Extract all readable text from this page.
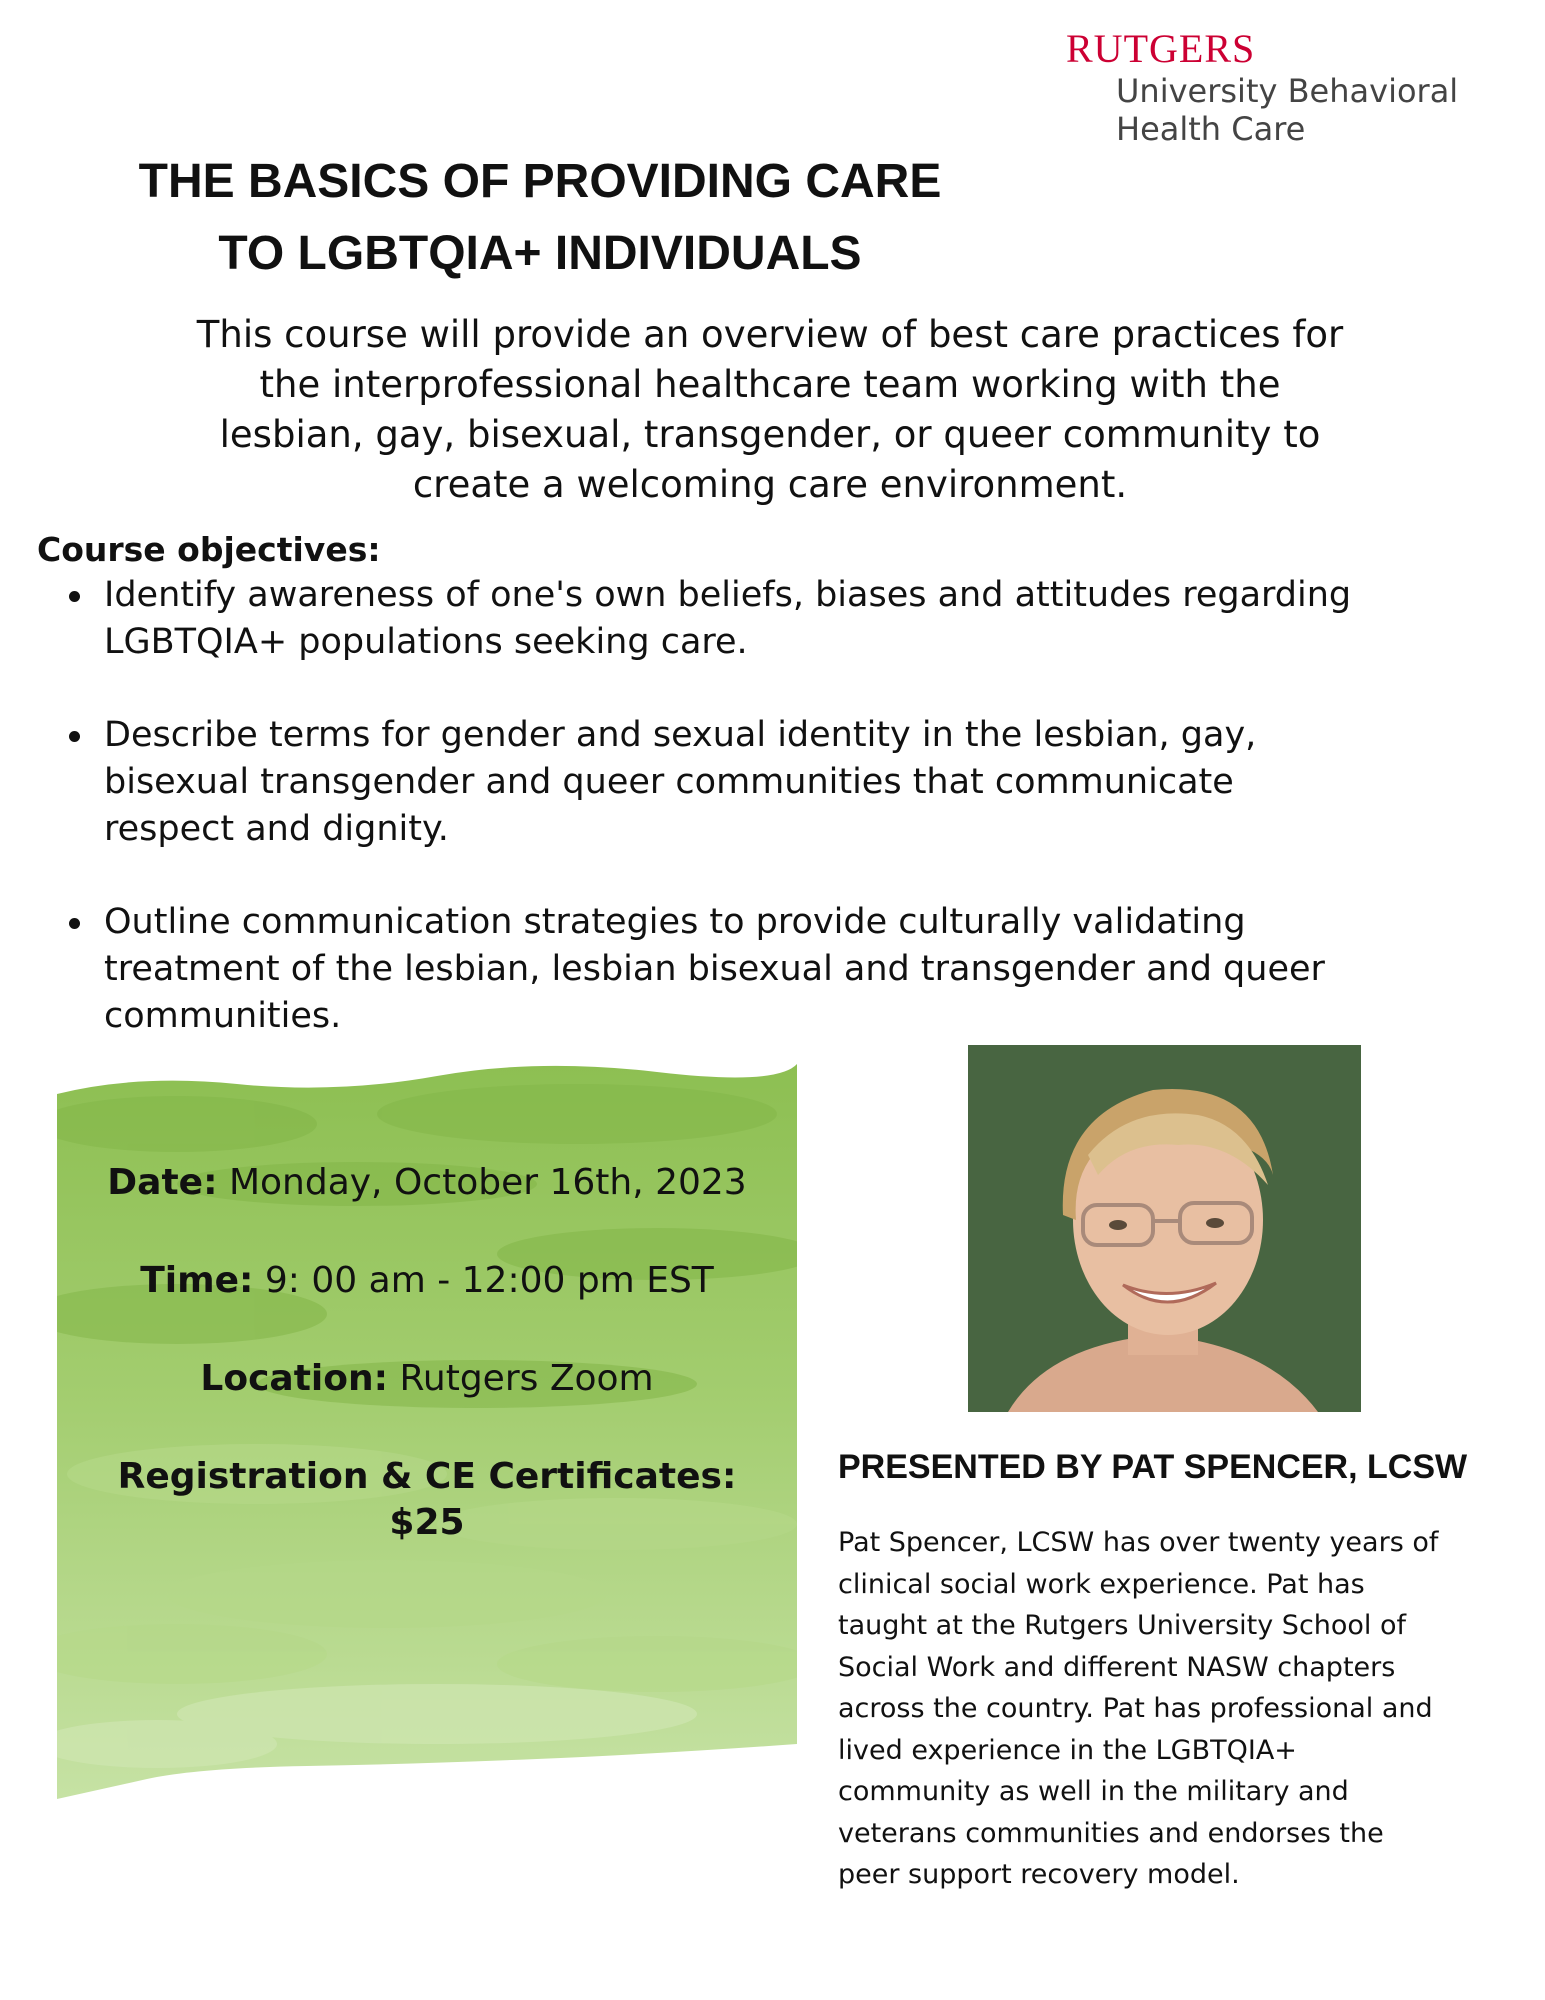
RUTGERS
University Behavioral
Health Care
THE BASICS OF PROVIDING CARE
TO LGBTQIA+ INDIVIDUALS
This course will provide an overview of best care practices for
the interprofessional healthcare team working with the
lesbian, gay, bisexual, transgender, or queer community to
create a welcoming care environment.
Course objectives:
Identify awareness of one's own beliefs, biases and attitudes regarding
LGBTQIA+ populations seeking care.
Describe terms for gender and sexual identity in the lesbian, gay,
bisexual transgender and queer communities that communicate
respect and dignity.
Outline communication strategies to provide culturally validating
treatment of the lesbian, lesbian bisexual and transgender and queer
communities.
Date: Monday, October 16th, 2023
Time: 9: 00 am - 12:00 pm EST
Location: Rutgers Zoom
Registration & CE Certificates:
$25
PRESENTED BY PAT SPENCER, LCSW
Pat Spencer, LCSW has over twenty years of
clinical social work experience. Pat has
taught at the Rutgers University School of
Social Work and different NASW chapters
across the country. Pat has professional and
lived experience in the LGBTQIA+
community as well in the military and
veterans communities and endorses the
peer support recovery model.
